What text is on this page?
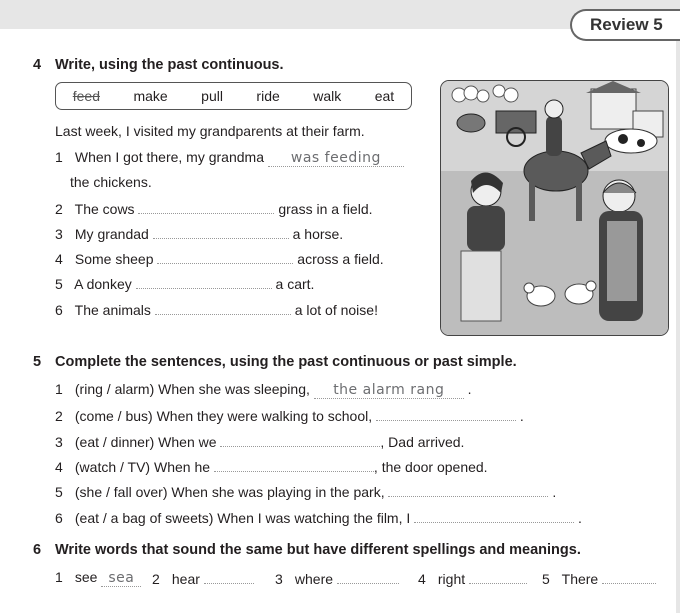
Review 5
4 Write, using the past continuous.
feed make pull ride walk eat
Last week, I visited my grandparents at their farm.
1 When I got there, my grandma was feeding
the chickens.
2 The cows	grass in a field.
3 My grandad	a horse.
4 Some sheep	across a field.
5 A donkey	a cart.
6 The animals	a lot of noise!
5 Complete the sentences, using the past continuous or past simple.
1 (ring / alarm) When she was sleeping, the alarm rang .
2 (come / bus) When they were walking to school,	.
3 (eat / dinner) When we	, Dad arrived.
4 (watch / TV) When he	, the door opened.
5 (she / fall over) When she was playing in the park,	.
6 (eat / a bag of sweets) When I was watching the film, I	.
6 Write words that sound the same but have different spellings and meanings.
1 see sea	2 hear	3 where	4 right	5 There
